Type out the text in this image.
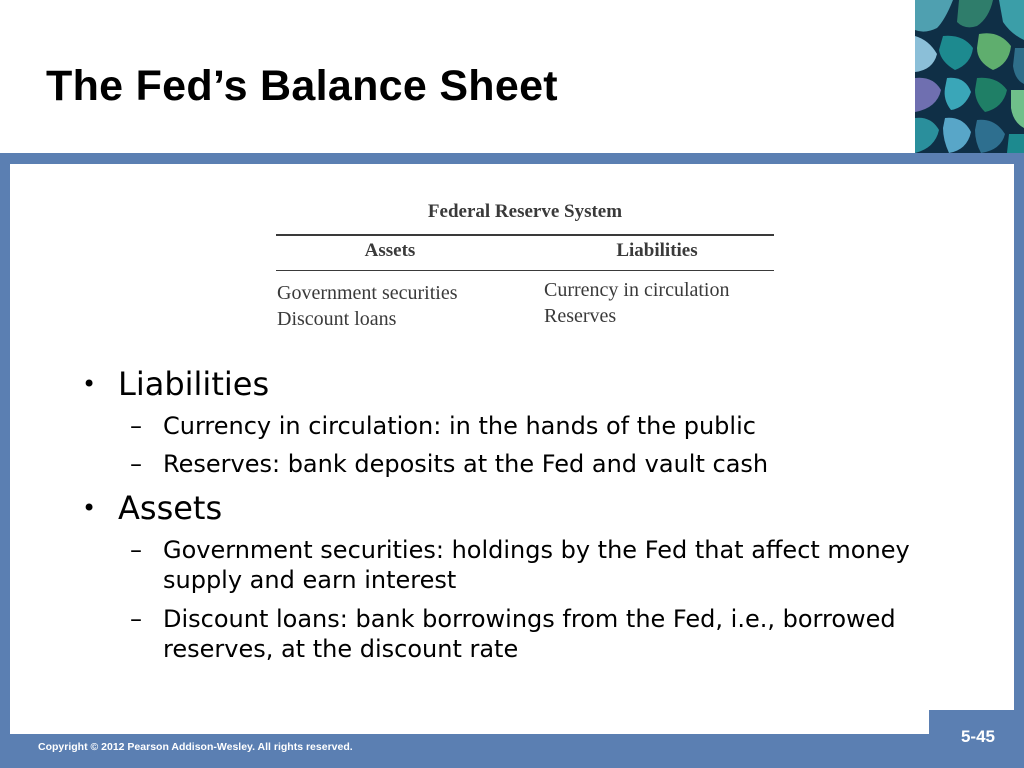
The Fed’s Balance Sheet
Federal Reserve System
Assets	Liabilities
Government securities
Discount loans
Currency in circulation
Reserves
• Liabilities
– Currency in circulation: in the hands of the public
– Reserves: bank deposits at the Fed and vault cash
• Assets
– Government securities: holdings by the Fed that affect money supply and earn interest
– Discount loans: bank borrowings from the Fed, i.e., borrowed reserves, at the discount rate
5-45
Copyright © 2012 Pearson Addison-Wesley. All rights reserved.
